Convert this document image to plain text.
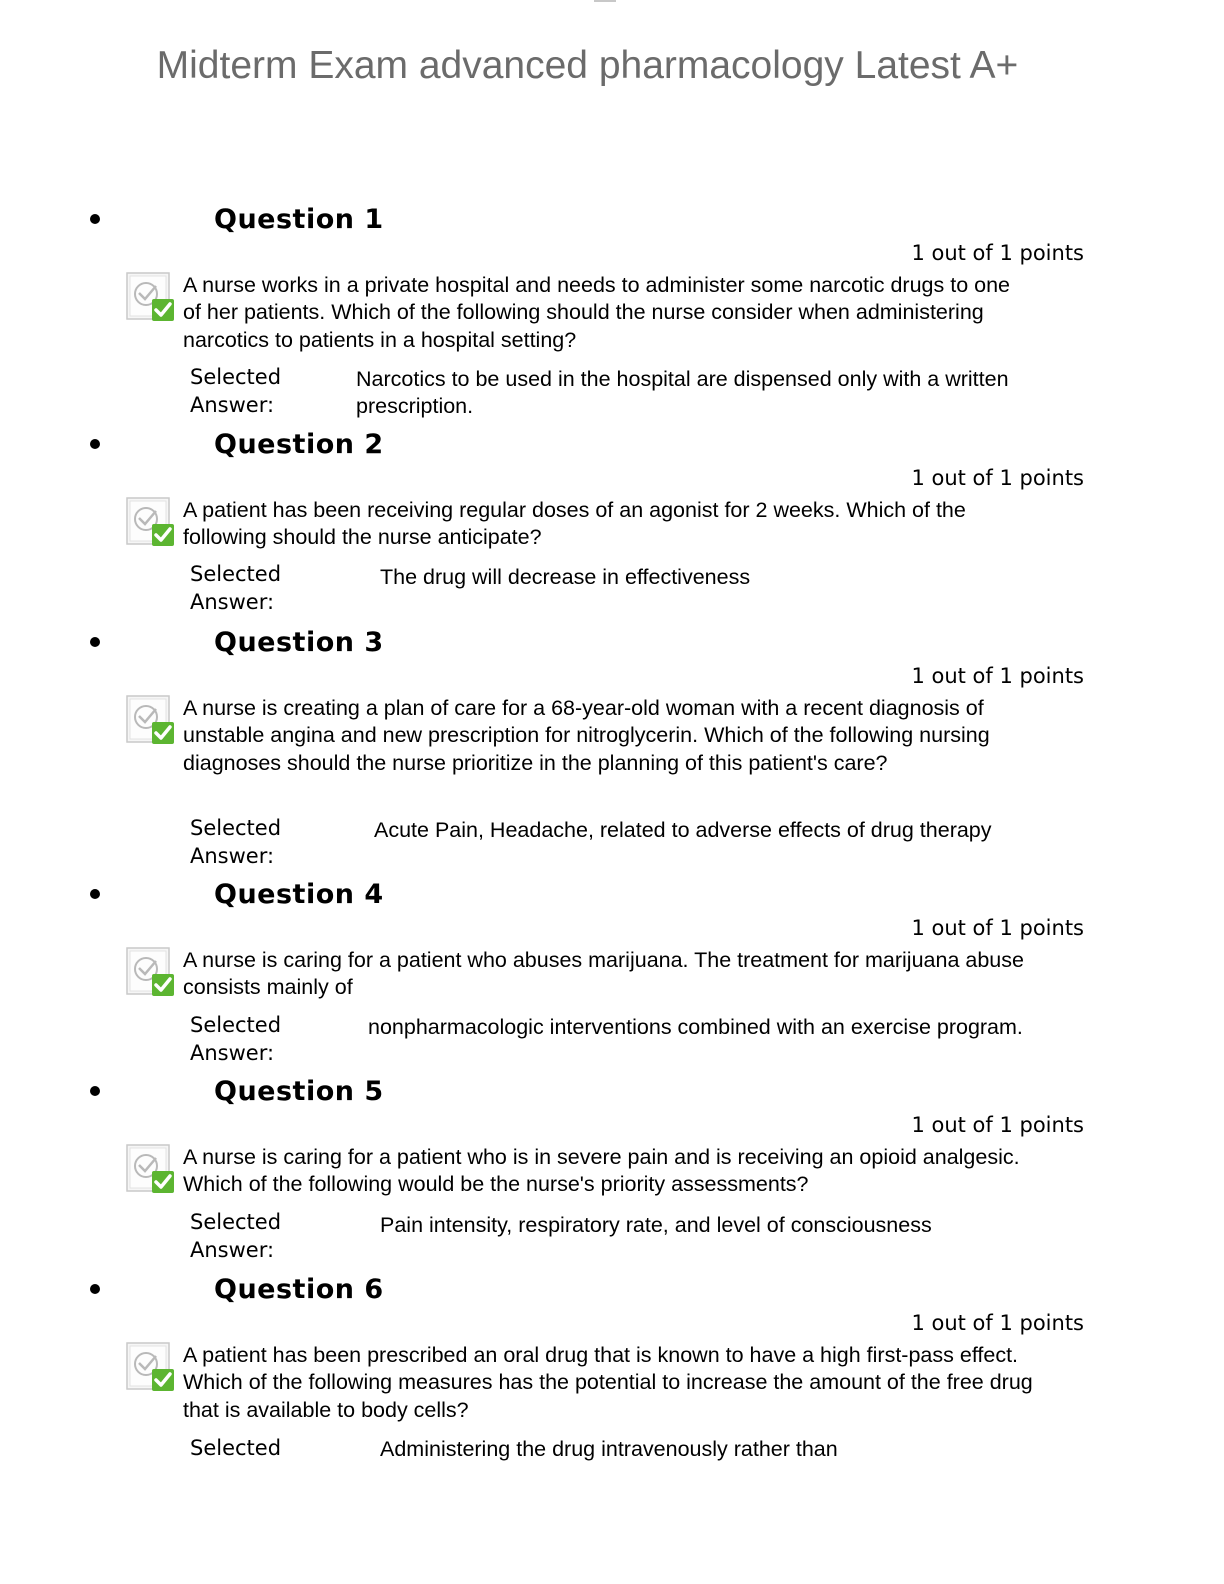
Midterm Exam advanced pharmacology Latest A+
Question 1
1 out of 1 points
A nurse works in a private hospital and needs to administer some narcotic drugs to one of her patients. Which of the following should the nurse consider when administering narcotics to patients in a hospital setting?
Selected
Answer:
Narcotics to be used in the hospital are dispensed only with a written prescription.
Question 2
1 out of 1 points
A patient has been receiving regular doses of an agonist for 2 weeks. Which of the following should the nurse anticipate?
Selected
Answer:
The drug will decrease in effectiveness
Question 3
1 out of 1 points
A nurse is creating a plan of care for a 68-year-old woman with a recent diagnosis of unstable angina and new prescription for nitroglycerin. Which of the following nursing diagnoses should the nurse prioritize in the planning of this patient's care?
Selected
Answer:
Acute Pain, Headache, related to adverse effects of drug therapy
Question 4
1 out of 1 points
A nurse is caring for a patient who abuses marijuana. The treatment for marijuana abuse consists mainly of
Selected
Answer:
nonpharmacologic interventions combined with an exercise program.
Question 5
1 out of 1 points
A nurse is caring for a patient who is in severe pain and is receiving an opioid analgesic. Which of the following would be the nurse's priority assessments?
Selected
Answer:
Pain intensity, respiratory rate, and level of consciousness
Question 6
1 out of 1 points
A patient has been prescribed an oral drug that is known to have a high first-pass effect. Which of the following measures has the potential to increase the amount of the free drug that is available to body cells?
Selected	Administering the drug intravenously rather than
